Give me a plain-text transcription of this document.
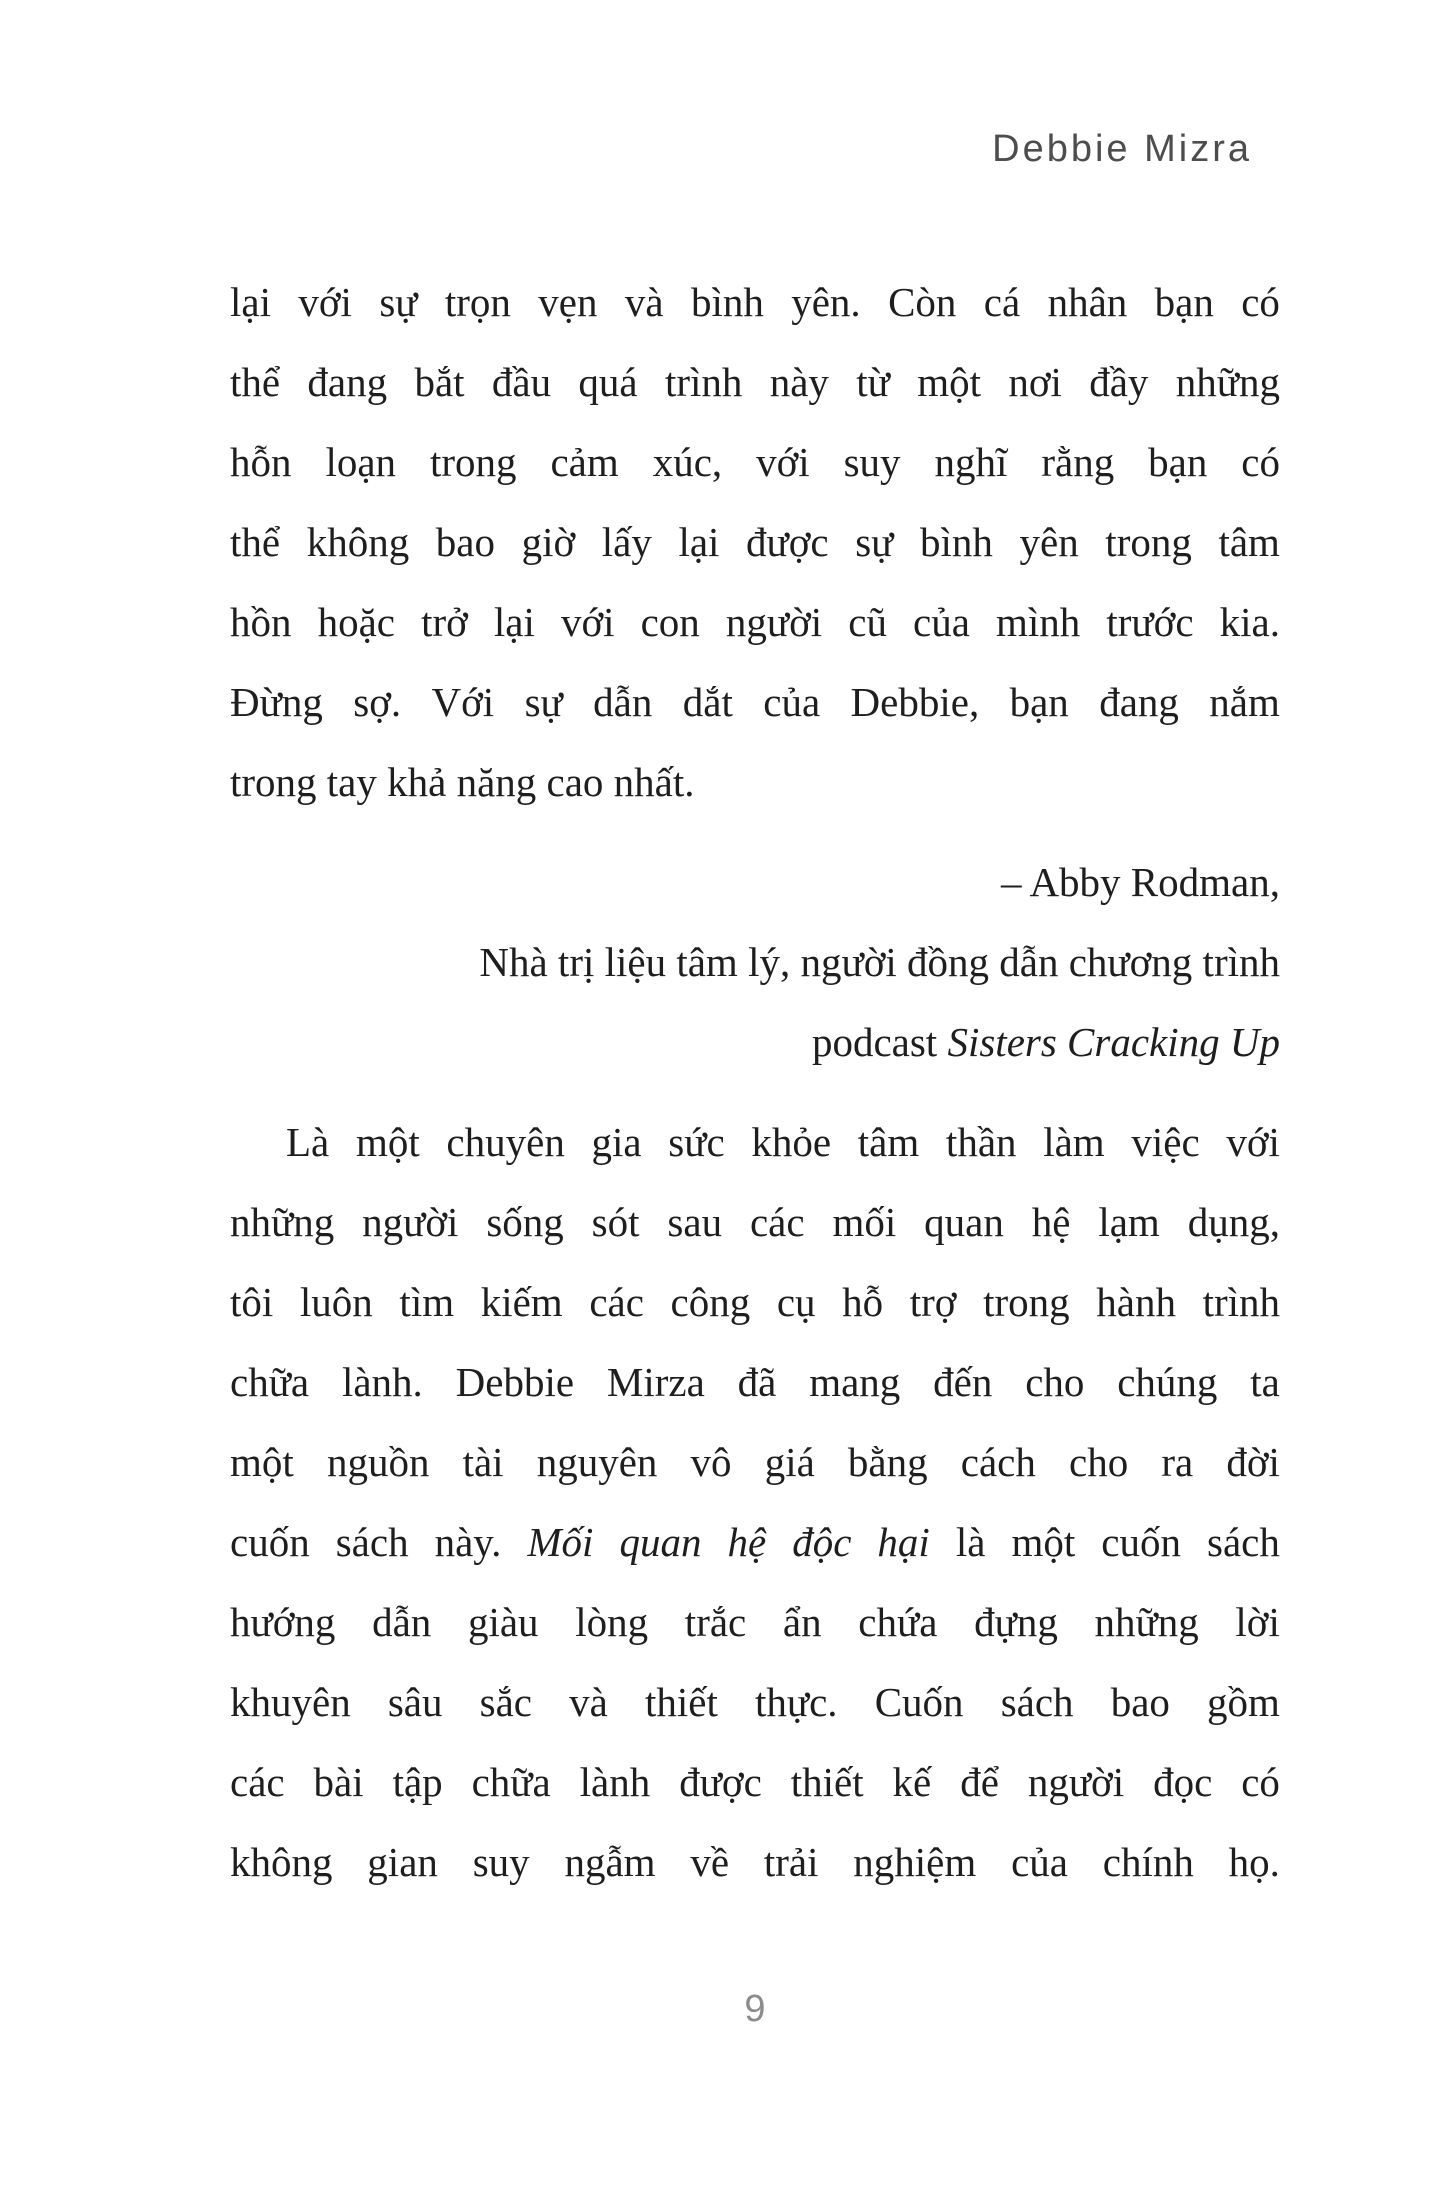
Debbie Mizra
lại với sự trọn vẹn và bình yên. Còn cá nhân bạn có
thể đang bắt đầu quá trình này từ một nơi đầy những
hỗn loạn trong cảm xúc, với suy nghĩ rằng bạn có
thể không bao giờ lấy lại được sự bình yên trong tâm
hồn hoặc trở lại với con người cũ của mình trước kia.
Đừng sợ. Với sự dẫn dắt của Debbie, bạn đang nắm
trong tay khả năng cao nhất.
– Abby Rodman,
Nhà trị liệu tâm lý, người đồng dẫn chương trình
podcast Sisters Cracking Up
Là một chuyên gia sức khỏe tâm thần làm việc với
những người sống sót sau các mối quan hệ lạm dụng,
tôi luôn tìm kiếm các công cụ hỗ trợ trong hành trình
chữa lành. Debbie Mirza đã mang đến cho chúng ta
một nguồn tài nguyên vô giá bằng cách cho ra đời
cuốn sách này. Mối quan hệ độc hại là một cuốn sách
hướng dẫn giàu lòng trắc ẩn chứa đựng những lời
khuyên sâu sắc và thiết thực. Cuốn sách bao gồm
các bài tập chữa lành được thiết kế để người đọc có
không gian suy ngẫm về trải nghiệm của chính họ.
9
